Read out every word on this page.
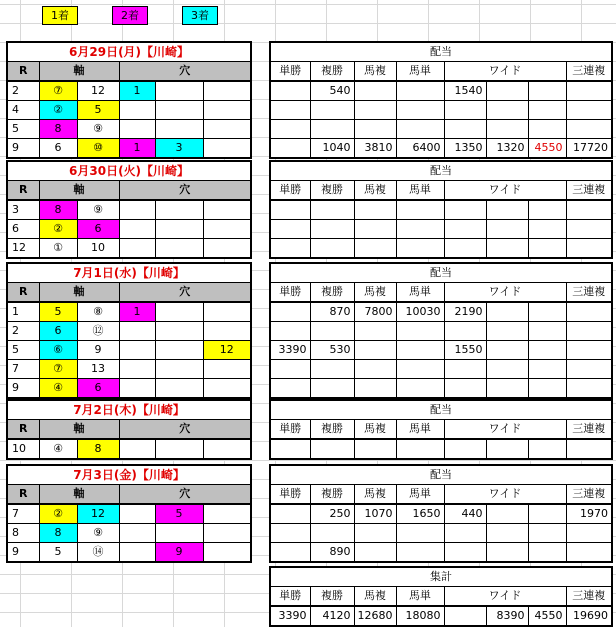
1着	2着	3着
6月29日(月)【川崎】					
R	軸		穴		
2	⑦	12	1		
4	②	5			
5	8	⑨			
9	6	⑩	1	3	
配当							
単勝	複勝	馬複	馬単	ワイド			三連複
	540			1540			

	1040	3810	6400	1350	1320	4550	17720
6月30日(火)【川崎】					
R	軸		穴		
3	8	⑨			
6	②	6			
12	①	10			
配当							
単勝	複勝	馬複	馬単	ワイド			三連複

7月1日(水)【川崎】					
R	軸		穴		
1	5	⑧	1		
2	6	⑫			
5	⑥	9			12
7	⑦	13			
9	④	6			
配当							
単勝	複勝	馬複	馬単	ワイド			三連複
	870	7800	10030	2190			

3390	530			1550			

7月2日(木)【川崎】					
R	軸		穴		
10	④	8			
配当							
単勝	複勝	馬複	馬単	ワイド			三連複

7月3日(金)【川崎】					
R	軸		穴		
7	②	12		5	
8	8	⑨			
9	5	⑭		9	
配当							
単勝	複勝	馬複	馬単	ワイド			三連複
	250	1070	1650	440			1970

	890						
集計							
単勝	複勝	馬複	馬単	ワイド			三連複
3390	4120	12680	18080		8390	4550	19690
